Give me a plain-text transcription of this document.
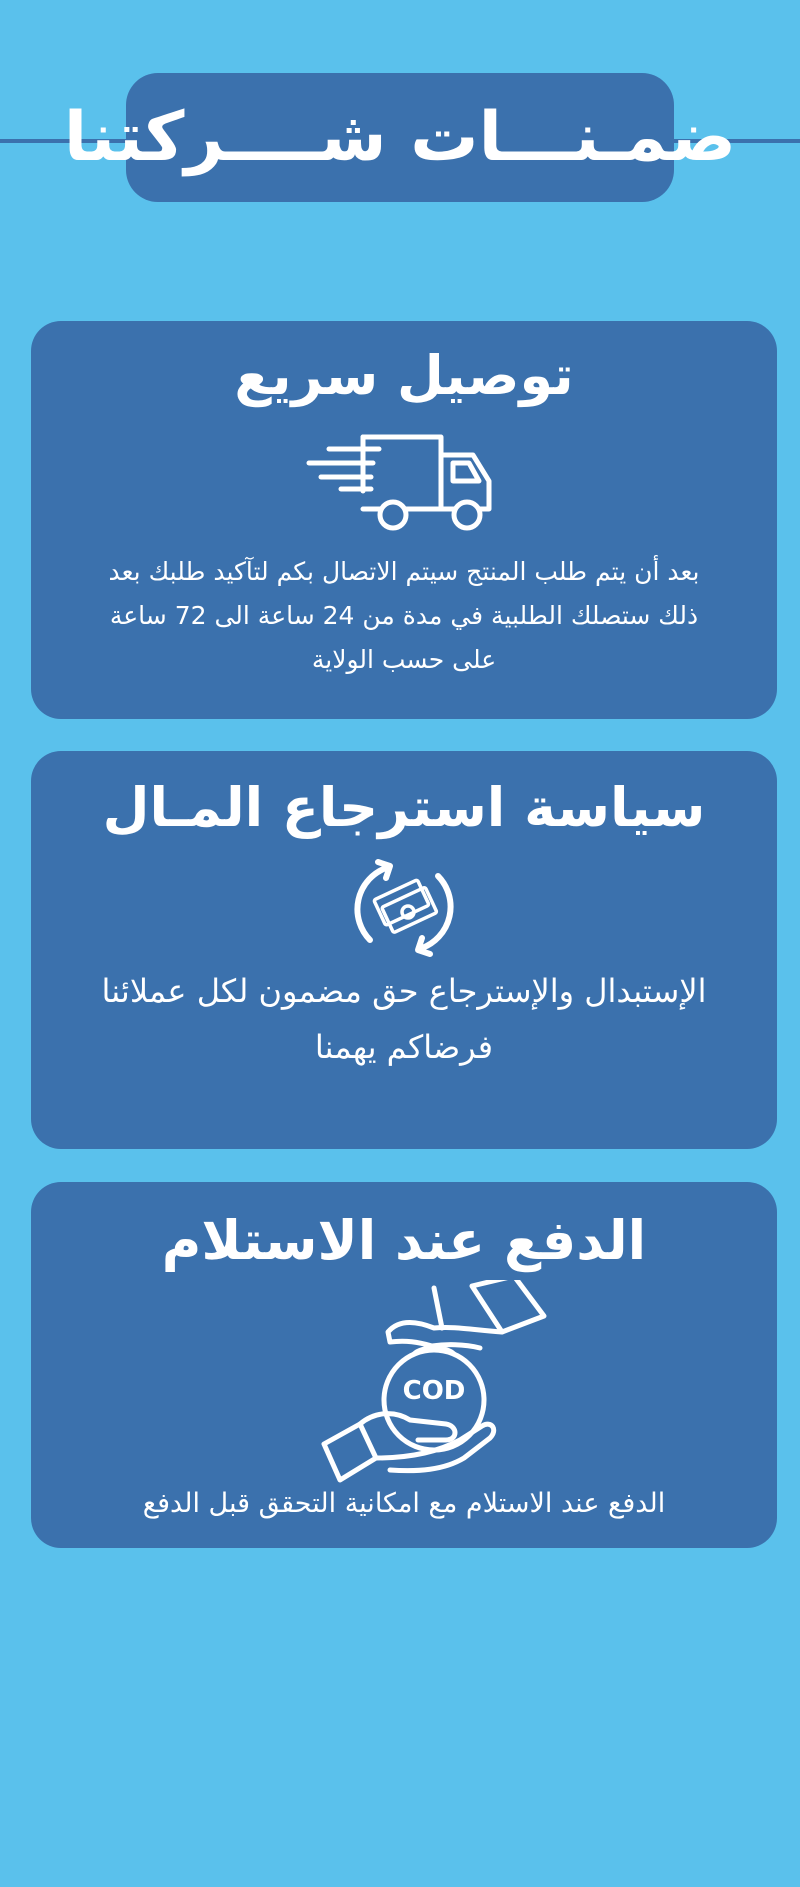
ضمـنـــات شــــركتنا
توصيل سريع
بعد أن يتم طلب المنتج سيتم الاتصال بكم لتآكيد طلبك بعد
ذلك ستصلك الطلبية في مدة من 24 ساعة الى 72 ساعة
على حسب الولاية
سياسة استرجاع المـال
الإستبدال والإسترجاع حق مضمون لكل عملائنا
فرضاكم يهمنا
الدفع عند الاستلام
COD
الدفع عند الاستلام مع امكانية التحقق قبل الدفع
